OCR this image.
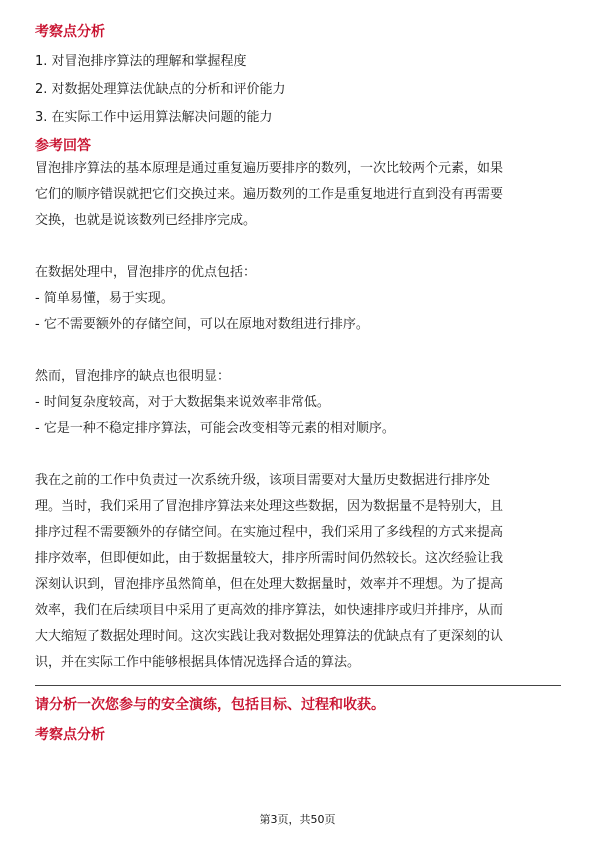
考察点分析
1. 对冒泡排序算法的理解和掌握程度
2. 对数据处理算法优缺点的分析和评价能力
3. 在实际工作中运用算法解决问题的能力
参考回答
冒泡排序算法的基本原理是通过重复遍历要排序的数列，一次比较两个元素，如果
它们的顺序错误就把它们交换过来。遍历数列的工作是重复地进行直到没有再需要
交换，也就是说该数列已经排序完成。
在数据处理中，冒泡排序的优点包括：
- 简单易懂，易于实现。
- 它不需要额外的存储空间，可以在原地对数组进行排序。
然而，冒泡排序的缺点也很明显：
- 时间复杂度较高，对于大数据集来说效率非常低。
- 它是一种不稳定排序算法，可能会改变相等元素的相对顺序。
我在之前的工作中负责过一次系统升级，该项目需要对大量历史数据进行排序处
理。当时，我们采用了冒泡排序算法来处理这些数据，因为数据量不是特别大，且
排序过程不需要额外的存储空间。在实施过程中，我们采用了多线程的方式来提高
排序效率，但即便如此，由于数据量较大，排序所需时间仍然较长。这次经验让我
深刻认识到，冒泡排序虽然简单，但在处理大数据量时，效率并不理想。为了提高
效率，我们在后续项目中采用了更高效的排序算法，如快速排序或归并排序，从而
大大缩短了数据处理时间。这次实践让我对数据处理算法的优缺点有了更深刻的认
识，并在实际工作中能够根据具体情况选择合适的算法。
请分析一次您参与的安全演练，包括目标、过程和收获。
考察点分析
第3页，共50页
